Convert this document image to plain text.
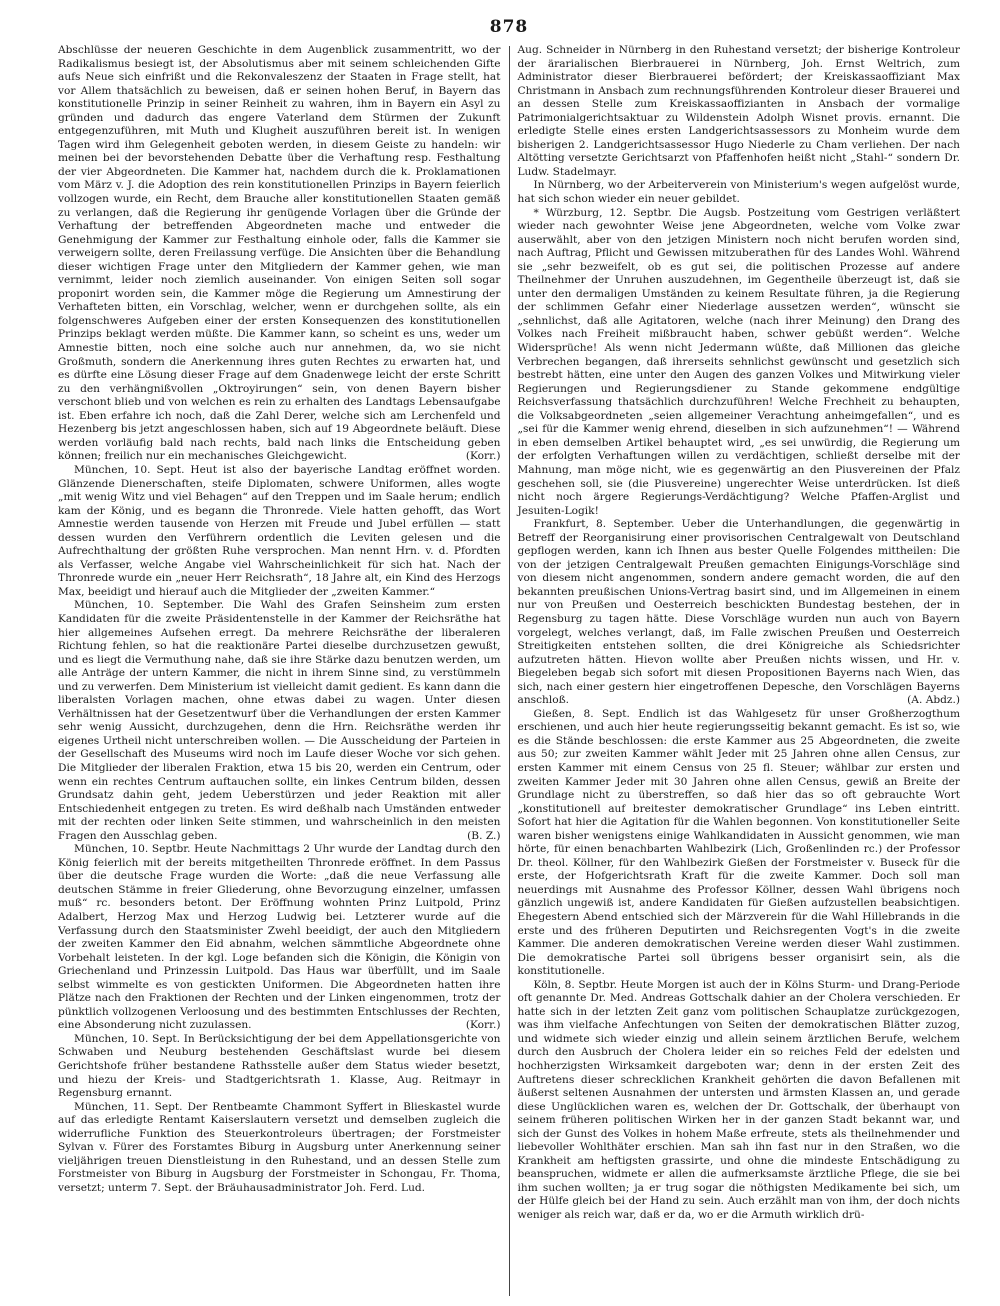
878

Abschlüsse der neueren Geschichte in dem Augenblick zusammentritt, wo der Radikalismus besiegt ist, der Absolutismus aber mit seinem schleichenden Gifte aufs Neue sich einfrißt und die Rekonvaleszenz der Staaten in Frage stellt, hat vor Allem thatsächlich zu beweisen, daß er seinen hohen Beruf, in Bayern das konstitutionelle Prinzip in seiner Reinheit zu wahren, ihm in Bayern ein Asyl zu gründen und dadurch das engere Vaterland dem Stürmen der Zukunft entgegenzuführen, mit Muth und Klugheit auszuführen bereit ist. In wenigen Tagen wird ihm Gelegenheit geboten werden, in diesem Geiste zu handeln: wir meinen bei der bevorstehenden Debatte über die Verhaftung resp. Festhaltung der vier Abgeordneten. Die Kammer hat, nachdem durch die k. Proklamationen vom März v. J. die Adoption des rein konstitutionellen Prinzips in Bayern feierlich vollzogen wurde, ein Recht, dem Brauche aller konstitutionellen Staaten gemäß zu verlangen, daß die Regierung ihr genügende Vorlagen über die Gründe der Verhaftung der betreffenden Abgeordneten mache und entweder die Genehmigung der Kammer zur Festhaltung einhole oder, falls die Kammer sie verweigern sollte, deren Freilassung verfüge. Die Ansichten über die Behandlung dieser wichtigen Frage unter den Mitgliedern der Kammer gehen, wie man vernimmt, leider noch ziemlich auseinander. Von einigen Seiten soll sogar proponirt worden sein, die Kammer möge die Regierung um Amnestirung der Verhafteten bitten, ein Vorschlag, welcher, wenn er durchgehen sollte, als ein folgenschweres Aufgeben einer der ersten Konsequenzen des konstitutionellen Prinzips beklagt werden müßte. Die Kammer kann, so scheint es uns, weder um Amnestie bitten, noch eine solche auch nur annehmen, da, wo sie nicht Großmuth, sondern die Anerkennung ihres guten Rechtes zu erwarten hat, und es dürfte eine Lösung dieser Frage auf dem Gnadenwege leicht der erste Schritt zu den verhängnißvollen „Oktroyirungen“ sein, von denen Bayern bisher verschont blieb und von welchen es rein zu erhalten des Landtags Lebensaufgabe ist. Eben erfahre ich noch, daß die Zahl Derer, welche sich am Lerchenfeld und Hezenberg bis jetzt angeschlossen haben, sich auf 19 Abgeordnete beläuft. Diese werden vorläufig bald nach rechts, bald nach links die Entscheidung geben können; freilich nur ein mechanisches Gleichgewicht.	(Korr.)

München, 10. Sept. Heut ist also der bayerische Landtag eröffnet worden. Glänzende Dienerschaften, steife Diplomaten, schwere Uniformen, alles wogte „mit wenig Witz und viel Behagen“ auf den Treppen und im Saale herum; endlich kam der König, und es begann die Thronrede. Viele hatten gehofft, das Wort Amnestie werden tausende von Herzen mit Freude und Jubel erfüllen — statt dessen wurden den Verführern ordentlich die Leviten gelesen und die Aufrechthaltung der größten Ruhe versprochen. Man nennt Hrn. v. d. Pfordten als Verfasser, welche Angabe viel Wahrscheinlichkeit für sich hat. Nach der Thronrede wurde ein „neuer Herr Reichsrath“, 18 Jahre alt, ein Kind des Herzogs Max, beeidigt und hierauf auch die Mitglieder der „zweiten Kammer.“

München, 10. September. Die Wahl des Grafen Seinsheim zum ersten Kandidaten für die zweite Präsidentenstelle in der Kammer der Reichsräthe hat hier allgemeines Aufsehen erregt. Da mehrere Reichsräthe der liberaleren Richtung fehlen, so hat die reaktionäre Partei dieselbe durchzusetzen gewußt, und es liegt die Vermuthung nahe, daß sie ihre Stärke dazu benutzen werden, um alle Anträge der untern Kammer, die nicht in ihrem Sinne sind, zu verstümmeln und zu verwerfen. Dem Ministerium ist vielleicht damit gedient. Es kann dann die liberalsten Vorlagen machen, ohne etwas dabei zu wagen. Unter diesen Verhältnissen hat der Gesetzentwurf über die Verhandlungen der ersten Kammer sehr wenig Aussicht, durchzugehen, denn die Hrn. Reichsräthe werden ihr eigenes Urtheil nicht unterschreiben wollen. — Die Ausscheidung der Parteien in der Gesellschaft des Museums wird noch im Laufe dieser Woche vor sich gehen. Die Mitglieder der liberalen Fraktion, etwa 15 bis 20, werden ein Centrum, oder wenn ein rechtes Centrum auftauchen sollte, ein linkes Centrum bilden, dessen Grundsatz dahin geht, jedem Ueberstürzen und jeder Reaktion mit aller Entschiedenheit entgegen zu treten. Es wird deßhalb nach Umständen entweder mit der rechten oder linken Seite stimmen, und wahrscheinlich in den meisten Fragen den Ausschlag geben.	(B. Z.)

München, 10. Septbr. Heute Nachmittags 2 Uhr wurde der Landtag durch den König feierlich mit der bereits mitgetheilten Thronrede eröffnet. In dem Passus über die deutsche Frage wurden die Worte: „daß die neue Verfassung alle deutschen Stämme in freier Gliederung, ohne Bevorzugung einzelner, umfassen muß“ rc. besonders betont. Der Eröffnung wohnten Prinz Luitpold, Prinz Adalbert, Herzog Max und Herzog Ludwig bei. Letzterer wurde auf die Verfassung durch den Staatsminister Zwehl beeidigt, der auch den Mitgliedern der zweiten Kammer den Eid abnahm, welchen sämmtliche Abgeordnete ohne Vorbehalt leisteten. In der kgl. Loge befanden sich die Königin, die Königin von Griechenland und Prinzessin Luitpold. Das Haus war überfüllt, und im Saale selbst wimmelte es von gestickten Uniformen. Die Abgeordneten hatten ihre Plätze nach den Fraktionen der Rechten und der Linken eingenommen, trotz der pünktlich vollzogenen Verloosung und des bestimmten Entschlusses der Rechten, eine Absonderung nicht zuzulassen.	(Korr.)

München, 10. Sept. In Berücksichtigung der bei dem Appellationsgerichte von Schwaben und Neuburg bestehenden Geschäftslast wurde bei diesem Gerichtshofe früher bestandene Rathsstelle außer dem Status wieder besetzt, und hiezu der Kreis- und Stadtgerichtsrath 1. Klasse, Aug. Reitmayr in Regensburg ernannt.

München, 11. Sept. Der Rentbeamte Chammont Syffert in Blieskastel wurde auf das erledigte Rentamt Kaiserslautern versetzt und demselben zugleich die widerrufliche Funktion des Steuerkontroleurs übertragen; der Forstmeister Sylvan v. Fürer des Forstamtes Biburg in Augsburg unter Anerkennung seiner vieljährigen treuen Dienstleistung in den Ruhestand, und an dessen Stelle zum Forstmeister von Biburg in Augsburg der Forstmeister in Schongau, Fr. Thoma, versetzt; unterm 7. Sept. der Bräuhausadministrator Joh. Ferd. Lud.

Aug. Schneider in Nürnberg in den Ruhestand versetzt; der bisherige Kontroleur der ärarialischen Bierbrauerei in Nürnberg, Joh. Ernst Weltrich, zum Administrator dieser Bierbrauerei befördert; der Kreiskassaoffiziant Max Christmann in Ansbach zum rechnungsführenden Kontroleur dieser Brauerei und an dessen Stelle zum Kreiskassaoffizianten in Ansbach der vormalige Patrimonialgerichtsaktuar zu Wildenstein Adolph Wisnet provis. ernannt. Die erledigte Stelle eines ersten Landgerichtsassessors zu Monheim wurde dem bisherigen 2. Landgerichtsassessor Hugo Niederle zu Cham verliehen. Der nach Altötting versetzte Gerichtsarzt von Pfaffenhofen heißt nicht „Stahl-“ sondern Dr. Ludw. Stadelmayr.

In Nürnberg, wo der Arbeiterverein von Ministerium's wegen aufgelöst wurde, hat sich schon wieder ein neuer gebildet.

* Würzburg, 12. Septbr. Die Augsb. Postzeitung vom Gestrigen verläßtert wieder nach gewohnter Weise jene Abgeordneten, welche vom Volke zwar auserwählt, aber von den jetzigen Ministern noch nicht berufen worden sind, nach Auftrag, Pflicht und Gewissen mitzuberathen für des Landes Wohl. Während sie „sehr bezweifelt, ob es gut sei, die politischen Prozesse auf andere Theilnehmer der Unruhen auszudehnen, im Gegentheile überzeugt ist, daß sie unter den dermaligen Umständen zu keinem Resultate führen, ja die Regierung der schlimmen Gefahr einer Niederlage aussetzen werden“, wünscht sie „sehnlichst, daß alle Agitatoren, welche (nach ihrer Meinung) den Drang des Volkes nach Freiheit mißbraucht haben, schwer gebüßt werden“. Welche Widersprüche! Als wenn nicht Jedermann wüßte, daß Millionen das gleiche Verbrechen begangen, daß ihrerseits sehnlichst gewünscht und gesetzlich sich bestrebt hätten, eine unter den Augen des ganzen Volkes und Mitwirkung vieler Regierungen und Regierungsdiener zu Stande gekommene endgültige Reichsverfassung thatsächlich durchzuführen! Welche Frechheit zu behaupten, die Volksabgeordneten „seien allgemeiner Verachtung anheimgefallen“, und es „sei für die Kammer wenig ehrend, dieselben in sich aufzunehmen“! — Während in eben demselben Artikel behauptet wird, „es sei unwürdig, die Regierung um der erfolgten Verhaftungen willen zu verdächtigen, schließt derselbe mit der Mahnung, man möge nicht, wie es gegenwärtig an den Piusvereinen der Pfalz geschehen soll, sie (die Piusvereine) ungerechter Weise unterdrücken. Ist dieß nicht noch ärgere Regierungs-Verdächtigung? Welche Pfaffen-Arglist und Jesuiten-Logik!

Frankfurt, 8. September. Ueber die Unterhandlungen, die gegenwärtig in Betreff der Reorganisirung einer provisorischen Centralgewalt von Deutschland gepflogen werden, kann ich Ihnen aus bester Quelle Folgendes mittheilen: Die von der jetzigen Centralgewalt Preußen gemachten Einigungs-Vorschläge sind von diesem nicht angenommen, sondern andere gemacht worden, die auf den bekannten preußischen Unions-Vertrag basirt sind, und im Allgemeinen in einem nur von Preußen und Oesterreich beschickten Bundestag bestehen, der in Regensburg zu tagen hätte. Diese Vorschläge wurden nun auch von Bayern vorgelegt, welches verlangt, daß, im Falle zwischen Preußen und Oesterreich Streitigkeiten entstehen sollten, die drei Königreiche als Schiedsrichter aufzutreten hätten. Hievon wollte aber Preußen nichts wissen, und Hr. v. Biegeleben begab sich sofort mit diesen Propositionen Bayerns nach Wien, das sich, nach einer gestern hier eingetroffenen Depesche, den Vorschlägen Bayerns anschloß.	(A. Abdz.)

Gießen, 8. Sept. Endlich ist das Wahlgesetz für unser Großherzogthum erschienen, und auch hier heute regierungsseitig bekannt gemacht. Es ist so, wie es die Stände beschlossen: die erste Kammer aus 25 Abgeordneten, die zweite aus 50; zur zweiten Kammer wählt Jeder mit 25 Jahren ohne allen Census, zur ersten Kammer mit einem Census von 25 fl. Steuer; wählbar zur ersten und zweiten Kammer Jeder mit 30 Jahren ohne allen Census, gewiß an Breite der Grundlage nicht zu überstreffen, so daß hier das so oft gebrauchte Wort „konstitutionell auf breitester demokratischer Grundlage“ ins Leben eintritt. Sofort hat hier die Agitation für die Wahlen begonnen. Von konstitutioneller Seite waren bisher wenigstens einige Wahlkandidaten in Aussicht genommen, wie man hörte, für einen benachbarten Wahlbezirk (Lich, Großenlinden rc.) der Professor Dr. theol. Köllner, für den Wahlbezirk Gießen der Forstmeister v. Buseck für die erste, der Hofgerichtsrath Kraft für die zweite Kammer. Doch soll man neuerdings mit Ausnahme des Professor Köllner, dessen Wahl übrigens noch gänzlich ungewiß ist, andere Kandidaten für Gießen aufzustellen beabsichtigen. Ehegestern Abend entschied sich der Märzverein für die Wahl Hillebrands in die erste und des früheren Deputirten und Reichsregenten Vogt's in die zweite Kammer. Die anderen demokratischen Vereine werden dieser Wahl zustimmen. Die demokratische Partei soll übrigens besser organisirt sein, als die konstitutionelle.

Köln, 8. Septbr. Heute Morgen ist auch der in Kölns Sturm- und Drang-Periode oft genannte Dr. Med. Andreas Gottschalk dahier an der Cholera verschieden. Er hatte sich in der letzten Zeit ganz vom politischen Schauplatze zurückgezogen, was ihm vielfache Anfechtungen von Seiten der demokratischen Blätter zuzog, und widmete sich wieder einzig und allein seinem ärztlichen Berufe, welchem durch den Ausbruch der Cholera leider ein so reiches Feld der edelsten und hochherzigsten Wirksamkeit dargeboten war; denn in der ersten Zeit des Auftretens dieser schrecklichen Krankheit gehörten die davon Befallenen mit äußerst seltenen Ausnahmen der untersten und ärmsten Klassen an, und gerade diese Unglücklichen waren es, welchen der Dr. Gottschalk, der überhaupt von seinem früheren politischen Wirken her in der ganzen Stadt bekannt war, und sich der Gunst des Volkes in hohem Maße erfreute, stets als theilnehmender und liebevoller Wohlthäter erschien. Man sah ihn fast nur in den Straßen, wo die Krankheit am heftigsten grassirte, und ohne die mindeste Entschädigung zu beanspruchen, widmete er allen die aufmerksamste ärztliche Pflege, die sie bei ihm suchen wollten; ja er trug sogar die nöthigsten Medikamente bei sich, um der Hülfe gleich bei der Hand zu sein. Auch erzählt man von ihm, der doch nichts weniger als reich war, daß er da, wo er die Armuth wirklich drü-
